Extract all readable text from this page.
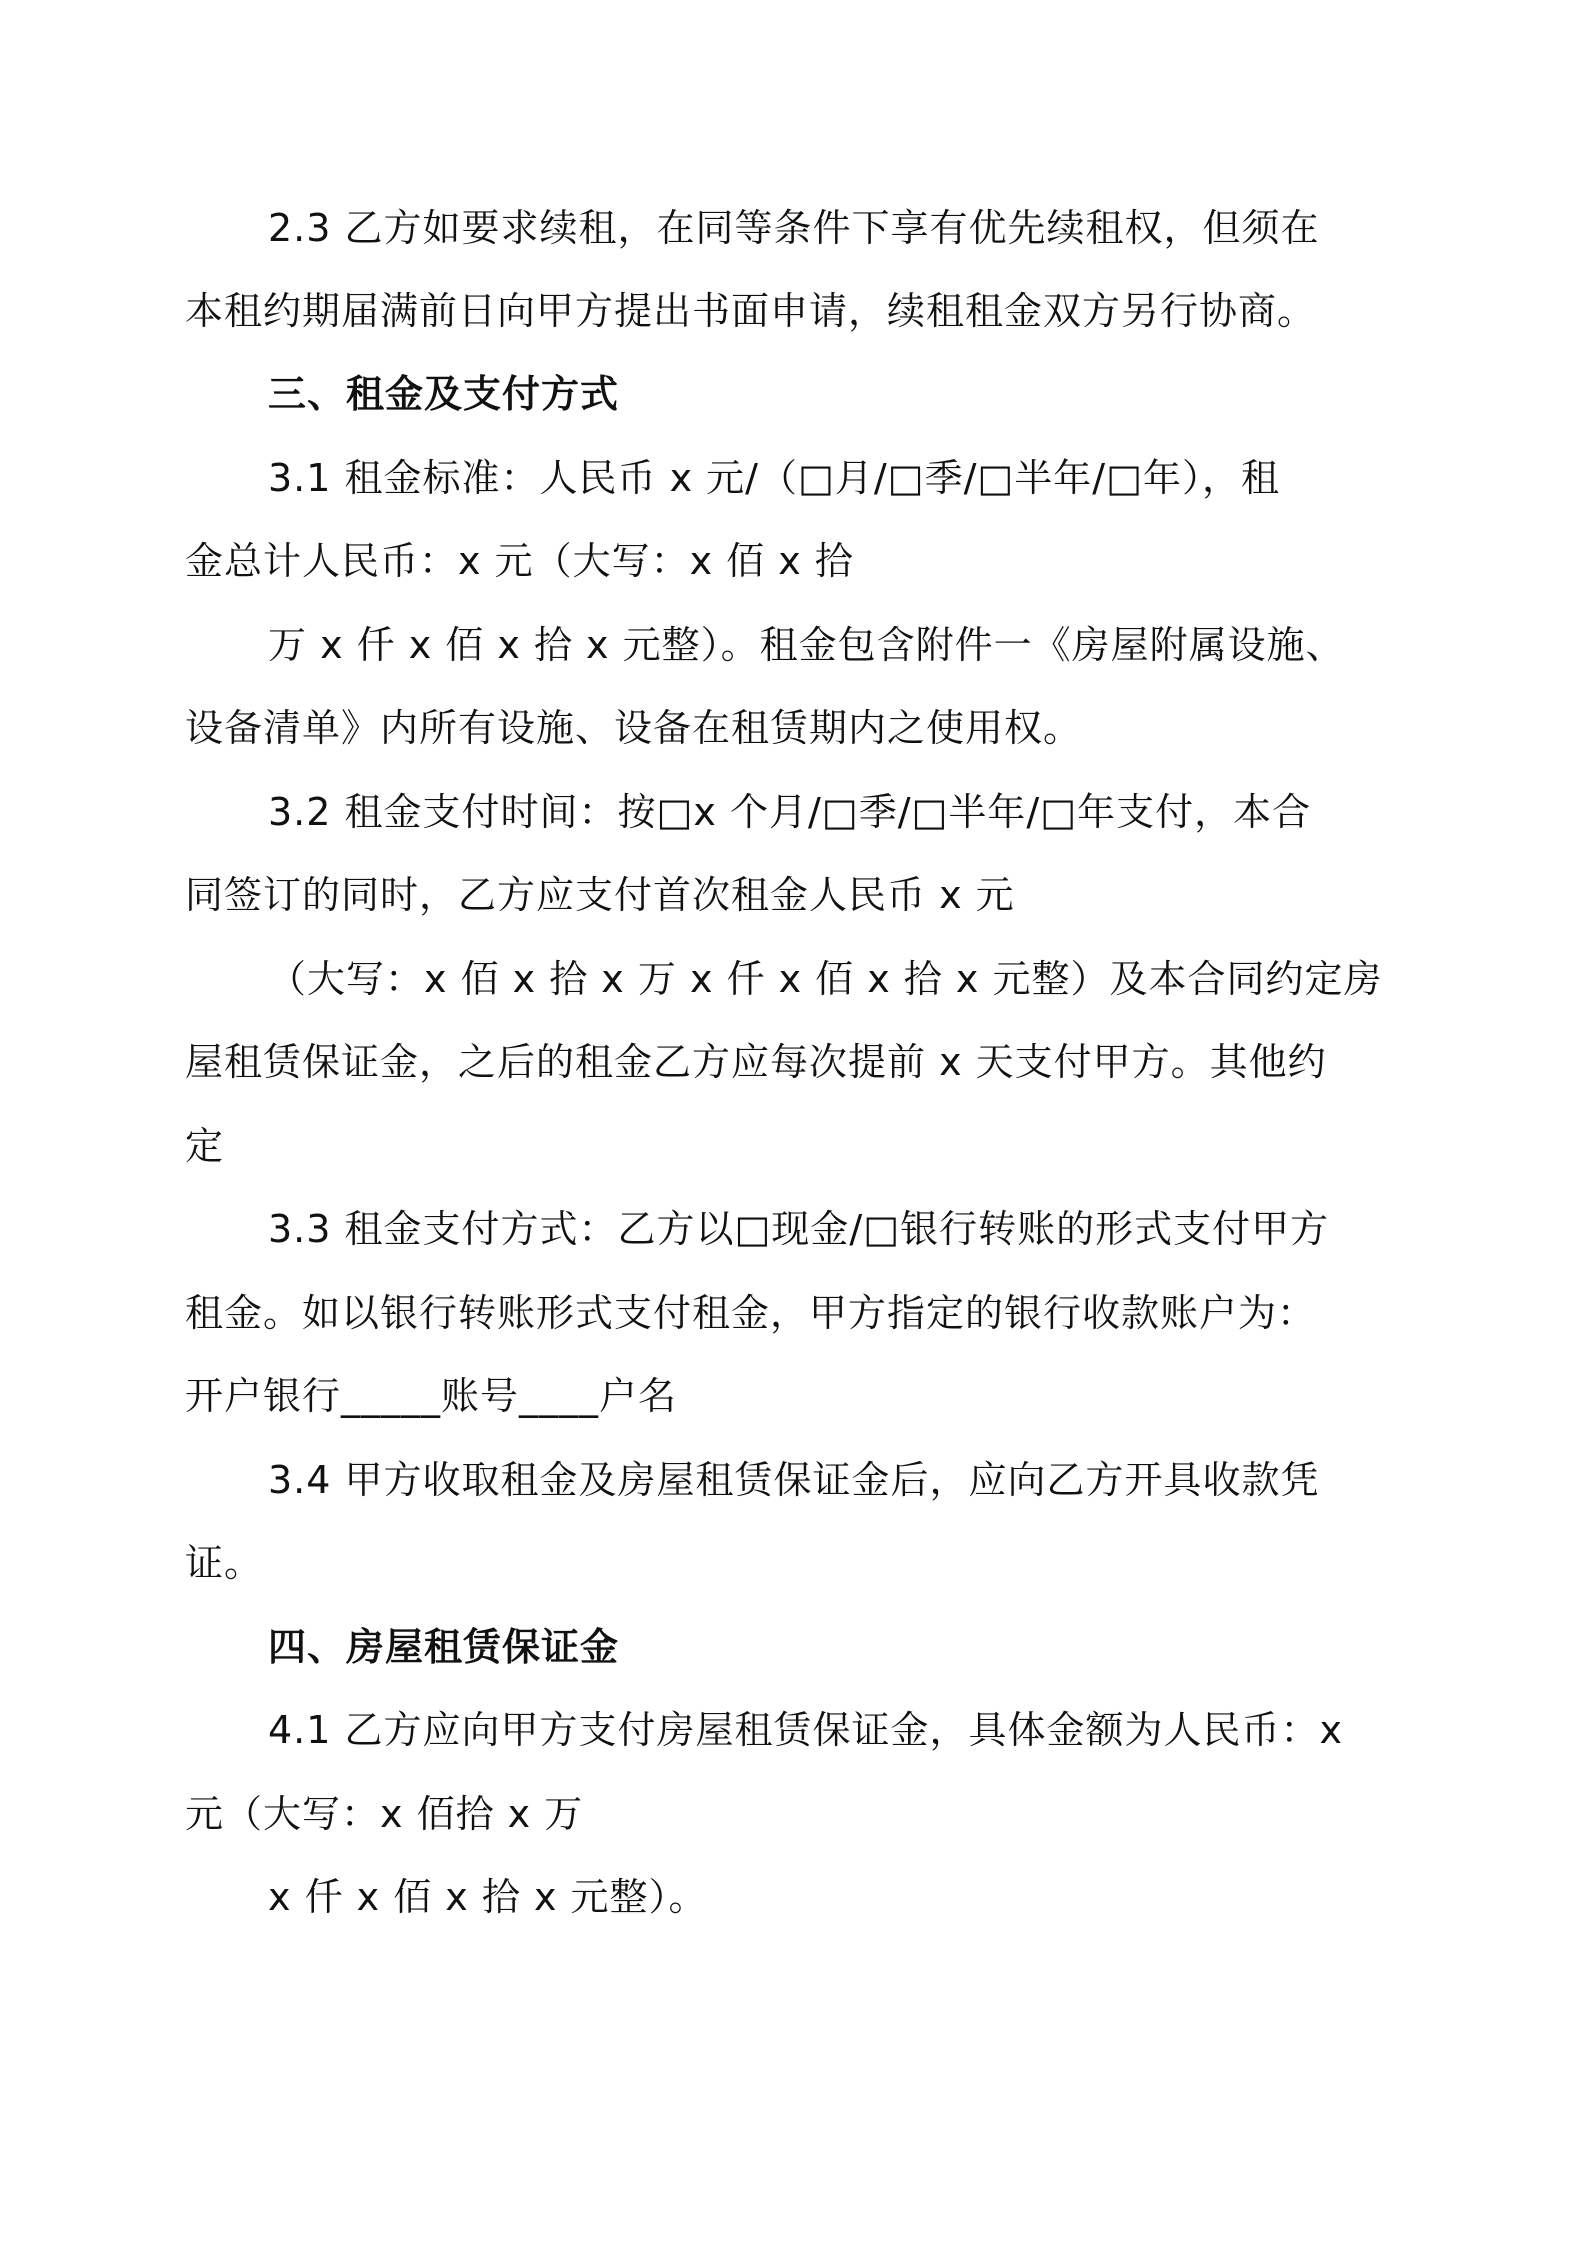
2.3 乙方如要求续租，在同等条件下享有优先续租权，但须在
本租约期届满前日向甲方提出书面申请，续租租金双方另行协商。
三、租金及支付方式
3.1 租金标准：人民币 x 元/（□月/□季/□半年/□年），租
金总计人民币：x 元（大写：x 佰 x 拾
万 x 仟 x 佰 x 拾 x 元整）。租金包含附件一《房屋附属设施、
设备清单》内所有设施、设备在租赁期内之使用权。
3.2 租金支付时间：按□x 个月/□季/□半年/□年支付，本合
同签订的同时，乙方应支付首次租金人民币 x 元
（大写：x 佰 x 拾 x 万 x 仟 x 佰 x 拾 x 元整）及本合同约定房
屋租赁保证金，之后的租金乙方应每次提前 x 天支付甲方。其他约
定
3.3 租金支付方式：乙方以□现金/□银行转账的形式支付甲方
租金。如以银行转账形式支付租金，甲方指定的银行收款账户为：
开户银行_____账号____户名
3.4 甲方收取租金及房屋租赁保证金后，应向乙方开具收款凭
证。
四、房屋租赁保证金
4.1 乙方应向甲方支付房屋租赁保证金，具体金额为人民币：x
元（大写：x 佰拾 x 万
x 仟 x 佰 x 拾 x 元整）。
